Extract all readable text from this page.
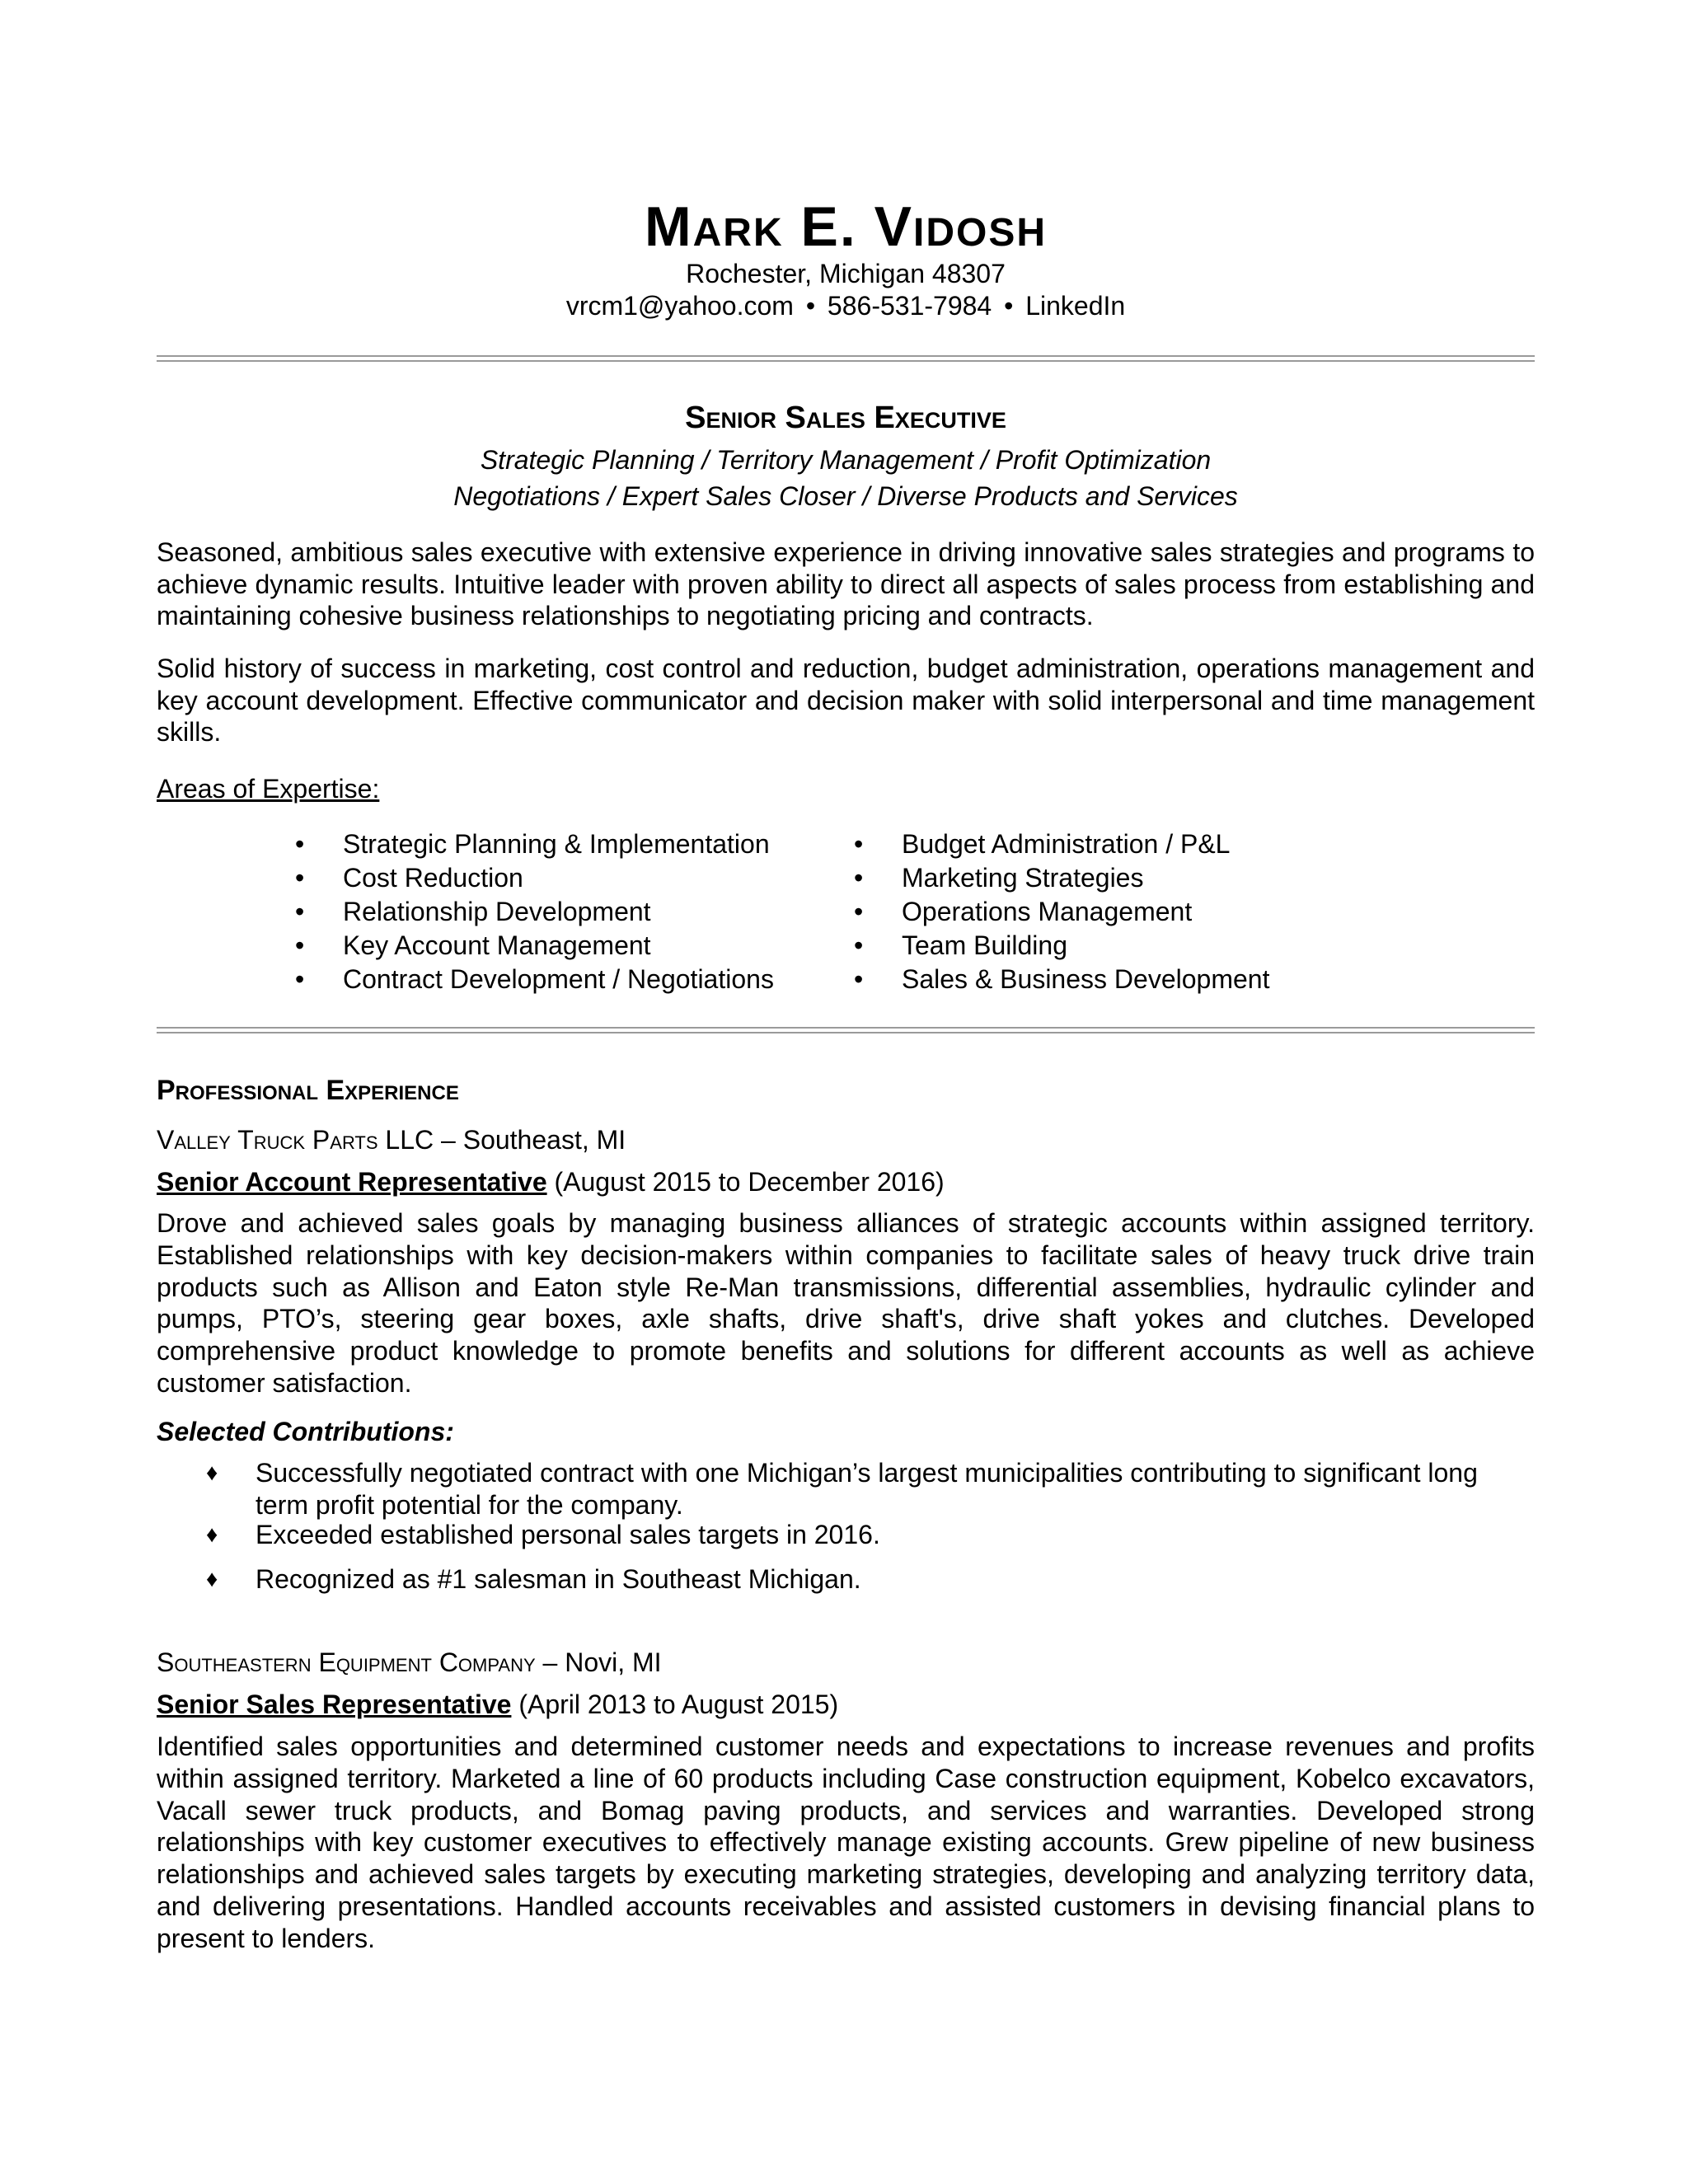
Mark E. Vidosh
Rochester, Michigan 48307
vrcm1@yahoo.com • 586-531-7984 • LinkedIn
Senior Sales Executive
Strategic Planning / Territory Management / Profit Optimization
Negotiations / Expert Sales Closer / Diverse Products and Services
Seasoned, ambitious sales executive with extensive experience in driving innovative sales strategies and programs to achieve dynamic results. Intuitive leader with proven ability to direct all aspects of sales process from establishing and maintaining cohesive business relationships to negotiating pricing and contracts.
Solid history of success in marketing, cost control and reduction, budget administration, operations management and key account development. Effective communicator and decision maker with solid interpersonal and time management skills.
Areas of Expertise:
• Strategic Planning & Implementation
• Cost Reduction
• Relationship Development
• Key Account Management
• Contract Development / Negotiations
• Budget Administration / P&L
• Marketing Strategies
• Operations Management
• Team Building
• Sales & Business Development
Professional Experience
Valley Truck Parts LLC – Southeast, MI
Senior Account Representative (August 2015 to December 2016)
Drove and achieved sales goals by managing business alliances of strategic accounts within assigned territory. Established relationships with key decision-makers within companies to facilitate sales of heavy truck drive train products such as Allison and Eaton style Re-Man transmissions, differential assemblies, hydraulic cylinder and pumps, PTO’s, steering gear boxes, axle shafts, drive shaft's, drive shaft yokes and clutches. Developed comprehensive product knowledge to promote benefits and solutions for different accounts as well as achieve customer satisfaction.
Selected Contributions:
♦	Successfully negotiated contract with one Michigan’s largest municipalities contributing to significant long term profit potential for the company.
♦	Exceeded established personal sales targets in 2016.
♦	Recognized as #1 salesman in Southeast Michigan.
Southeastern Equipment Company – Novi, MI
Senior Sales Representative (April 2013 to August 2015)
Identified sales opportunities and determined customer needs and expectations to increase revenues and profits within assigned territory. Marketed a line of 60 products including Case construction equipment, Kobelco excavators, Vacall sewer truck products, and Bomag paving products, and services and warranties. Developed strong relationships with key customer executives to effectively manage existing accounts. Grew pipeline of new business relationships and achieved sales targets by executing marketing strategies, developing and analyzing territory data, and delivering presentations. Handled accounts receivables and assisted customers in devising financial plans to present to lenders.
